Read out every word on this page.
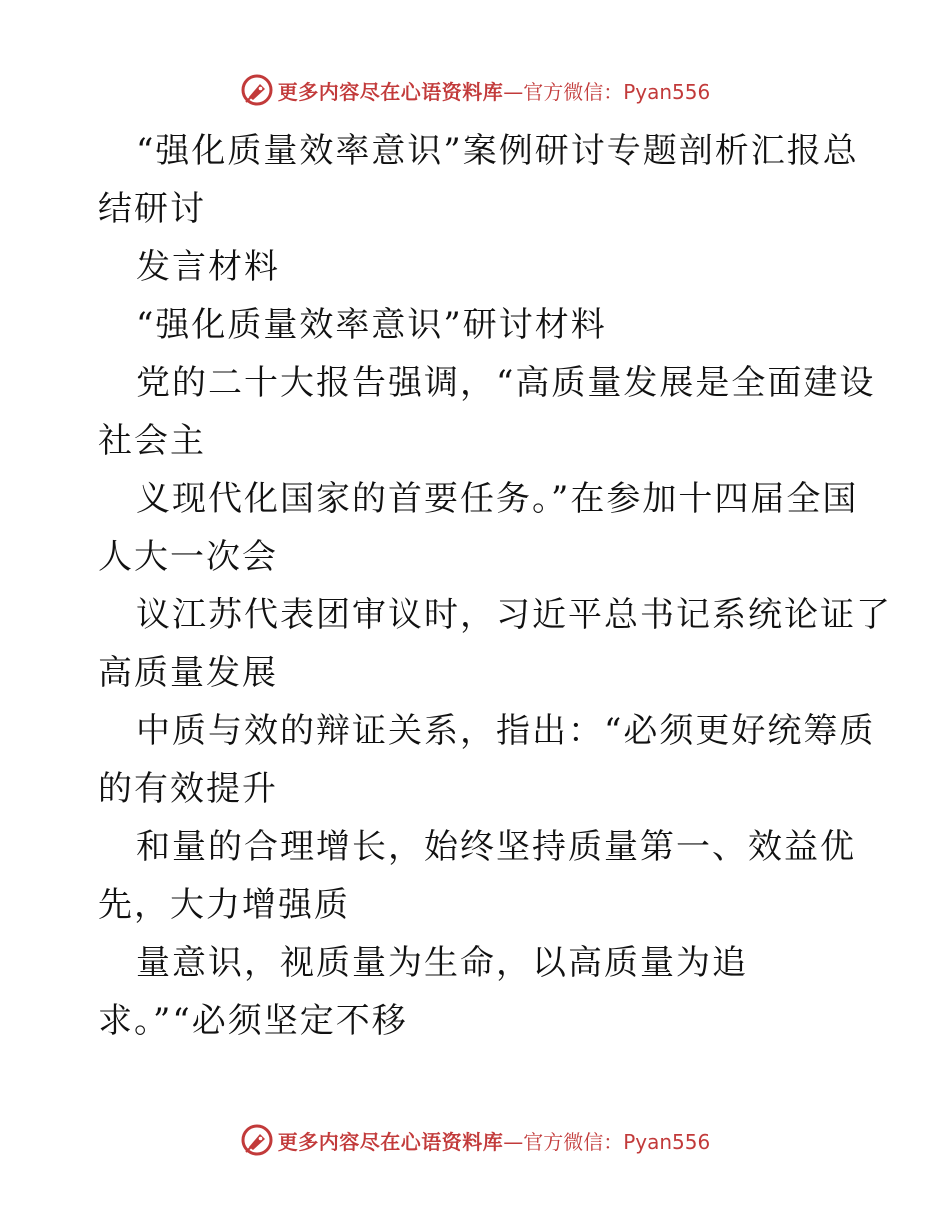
更多内容尽在心语资料库 —官方微信：Pyan556

“强化质量效率意识”案例研讨专题剖析汇报总
结研讨
发言材料
“强化质量效率意识”研讨材料
党的二十大报告强调，“高质量发展是全面建设
社会主
义现代化国家的首要任务。”在参加十四届全国
人大一次会
议江苏代表团审议时，习近平总书记系统论证了
高质量发展
中质与效的辩证关系，指出：“必须更好统筹质
的有效提升
和量的合理增长，始终坚持质量第一、效益优
先，大力增强质
量意识，视质量为生命，以高质量为追
求。”“必须坚定不移

更多内容尽在心语资料库 —官方微信：Pyan556
